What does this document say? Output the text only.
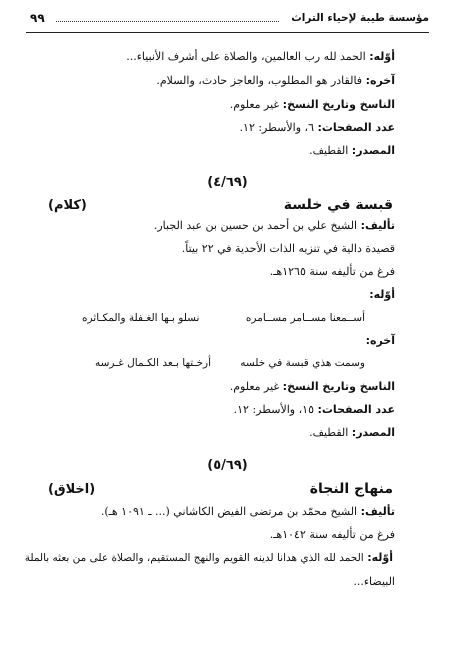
مؤسسة طيبة لإحياء التراث
٩٩
أوّله: الحمد لله رب العالمين، والصلاة على أشرف الأنبياء...
آخره: فالقادر هو المطلوب، والعاجز حادث، والسلام.
الناسخ وتاريخ النسخ: غير معلوم.
عدد الصفحات: ٦، والأسطر: ١٢.
المصدر: القطيف.
(٤/٦٩)
قبسة في خلسة
(كلام)
تأليف: الشيخ علي بن أحمد بن حسين بن عبد الجبار.
قصيدة دالية في تنزيه الذات الأحدية في ٢٢ بيتاً.
فرغ من تأليفه سنة ١٢٦٥هـ.
أوّله:
أســمعنا مســامر مســامره
نسلو بـها الغـفلة والمكـاثره
آخره:
وسمت هذي قبسة في خلسه
أرخـتها بـعد الكـمال غـرسه
الناسخ وتاريخ النسخ: غير معلوم.
عدد الصفحات: ١٥، والأسطر: ١٢.
المصدر: القطيف.
(٥/٦٩)
منهاج النجاة
(اخلاق)
تأليف: الشيخ محمّد بن مرتضى الفيض الكاشاني (... ـ ١٠٩١ هـ).
فرغ من تأليفه سنة ١٠٤٢هـ.
أوّله: الحمد لله الذي هدانا لدينه القويم والنهج المستقيم، والصلاة على من بعثه بالملة
البيضاء...
